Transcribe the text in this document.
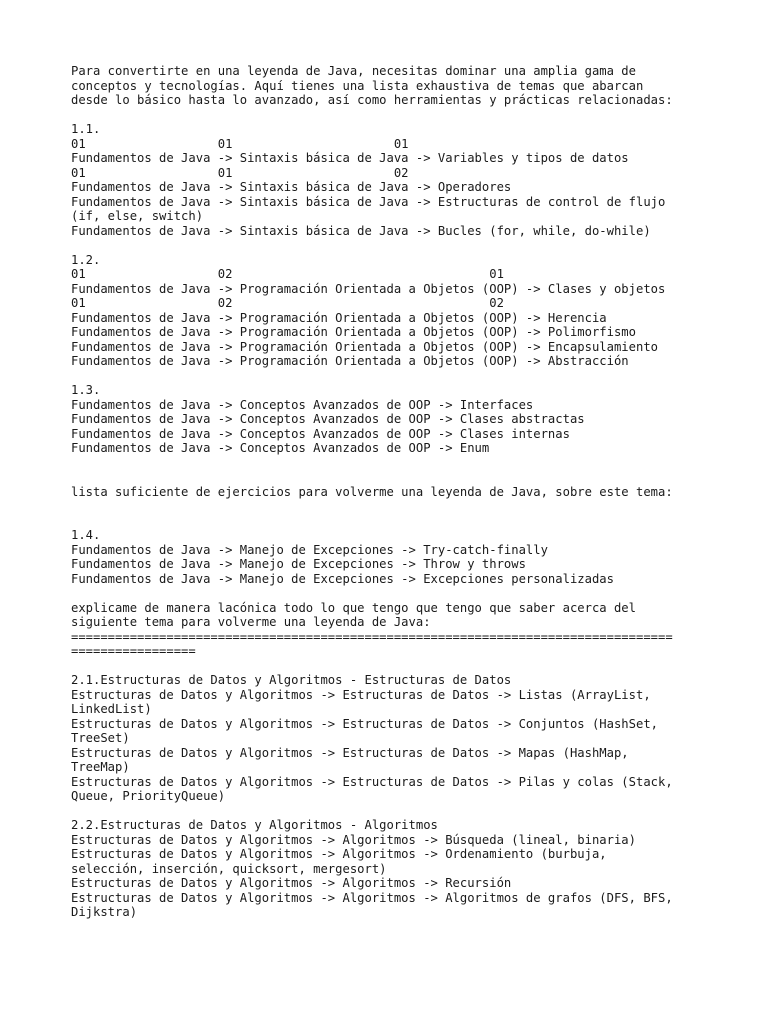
Para convertirte en una leyenda de Java, necesitas dominar una amplia gama de
conceptos y tecnologías. Aquí tienes una lista exhaustiva de temas que abarcan
desde lo básico hasta lo avanzado, así como herramientas y prácticas relacionadas:
1.1.
01                  01                      01
Fundamentos de Java -> Sintaxis básica de Java -> Variables y tipos de datos
01                  01                      02
Fundamentos de Java -> Sintaxis básica de Java -> Operadores
Fundamentos de Java -> Sintaxis básica de Java -> Estructuras de control de flujo
(if, else, switch)
Fundamentos de Java -> Sintaxis básica de Java -> Bucles (for, while, do-while)
1.2.
01                  02                                   01
Fundamentos de Java -> Programación Orientada a Objetos (OOP) -> Clases y objetos
01                  02                                   02
Fundamentos de Java -> Programación Orientada a Objetos (OOP) -> Herencia
Fundamentos de Java -> Programación Orientada a Objetos (OOP) -> Polimorfismo
Fundamentos de Java -> Programación Orientada a Objetos (OOP) -> Encapsulamiento
Fundamentos de Java -> Programación Orientada a Objetos (OOP) -> Abstracción
1.3.
Fundamentos de Java -> Conceptos Avanzados de OOP -> Interfaces
Fundamentos de Java -> Conceptos Avanzados de OOP -> Clases abstractas
Fundamentos de Java -> Conceptos Avanzados de OOP -> Clases internas
Fundamentos de Java -> Conceptos Avanzados de OOP -> Enum
lista suficiente de ejercicios para volverme una leyenda de Java, sobre este tema:
1.4.
Fundamentos de Java -> Manejo de Excepciones -> Try-catch-finally
Fundamentos de Java -> Manejo de Excepciones -> Throw y throws
Fundamentos de Java -> Manejo de Excepciones -> Excepciones personalizadas
explicame de manera lacónica todo lo que tengo que tengo que saber acerca del
siguiente tema para volverme una leyenda de Java:
==================================================================================
=================
2.1.Estructuras de Datos y Algoritmos - Estructuras de Datos
Estructuras de Datos y Algoritmos -> Estructuras de Datos -> Listas (ArrayList,
LinkedList)
Estructuras de Datos y Algoritmos -> Estructuras de Datos -> Conjuntos (HashSet,
TreeSet)
Estructuras de Datos y Algoritmos -> Estructuras de Datos -> Mapas (HashMap,
TreeMap)
Estructuras de Datos y Algoritmos -> Estructuras de Datos -> Pilas y colas (Stack,
Queue, PriorityQueue)
2.2.Estructuras de Datos y Algoritmos - Algoritmos
Estructuras de Datos y Algoritmos -> Algoritmos -> Búsqueda (lineal, binaria)
Estructuras de Datos y Algoritmos -> Algoritmos -> Ordenamiento (burbuja,
selección, inserción, quicksort, mergesort)
Estructuras de Datos y Algoritmos -> Algoritmos -> Recursión
Estructuras de Datos y Algoritmos -> Algoritmos -> Algoritmos de grafos (DFS, BFS,
Dijkstra)
